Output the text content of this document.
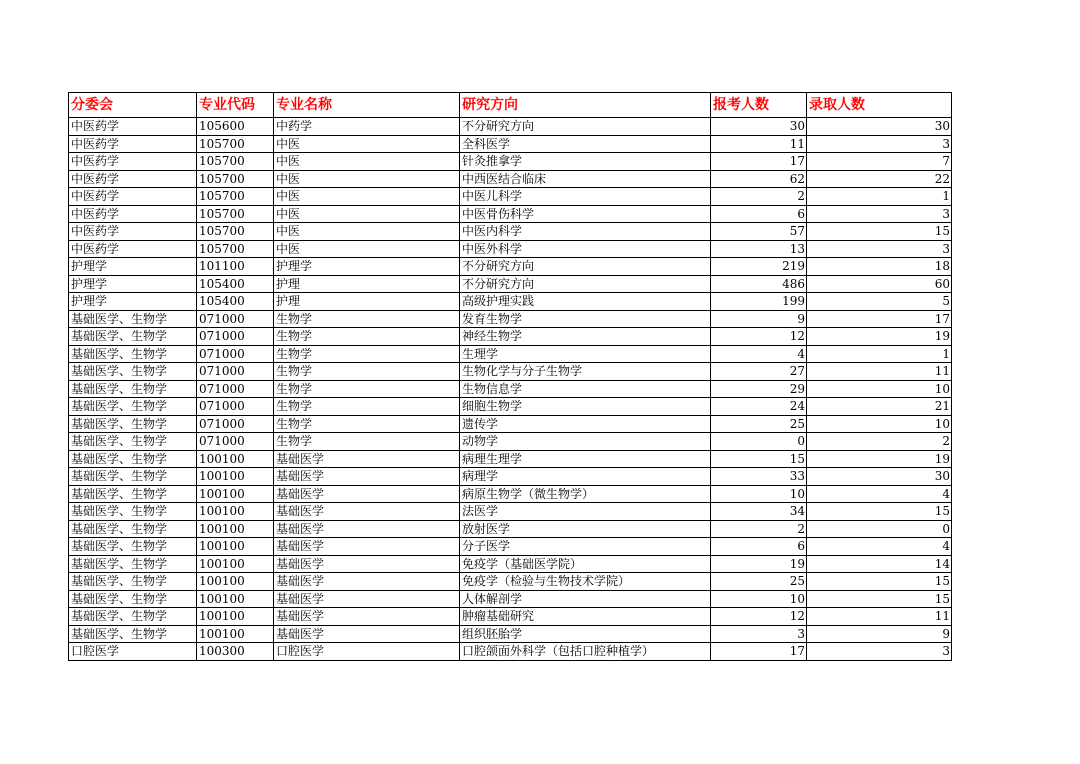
分委会	专业代码	专业名称	研究方向	报考人数	录取人数
中医药学	105600	中药学	不分研究方向	30	30
中医药学	105700	中医	全科医学	11	3
中医药学	105700	中医	针灸推拿学	17	7
中医药学	105700	中医	中西医结合临床	62	22
中医药学	105700	中医	中医儿科学	2	1
中医药学	105700	中医	中医骨伤科学	6	3
中医药学	105700	中医	中医内科学	57	15
中医药学	105700	中医	中医外科学	13	3
护理学	101100	护理学	不分研究方向	219	18
护理学	105400	护理	不分研究方向	486	60
护理学	105400	护理	高级护理实践	199	5
基础医学、生物学	071000	生物学	发育生物学	9	17
基础医学、生物学	071000	生物学	神经生物学	12	19
基础医学、生物学	071000	生物学	生理学	4	1
基础医学、生物学	071000	生物学	生物化学与分子生物学	27	11
基础医学、生物学	071000	生物学	生物信息学	29	10
基础医学、生物学	071000	生物学	细胞生物学	24	21
基础医学、生物学	071000	生物学	遗传学	25	10
基础医学、生物学	071000	生物学	动物学	0	2
基础医学、生物学	100100	基础医学	病理生理学	15	19
基础医学、生物学	100100	基础医学	病理学	33	30
基础医学、生物学	100100	基础医学	病原生物学（微生物学）	10	4
基础医学、生物学	100100	基础医学	法医学	34	15
基础医学、生物学	100100	基础医学	放射医学	2	0
基础医学、生物学	100100	基础医学	分子医学	6	4
基础医学、生物学	100100	基础医学	免疫学（基础医学院）	19	14
基础医学、生物学	100100	基础医学	免疫学（检验与生物技术学院）	25	15
基础医学、生物学	100100	基础医学	人体解剖学	10	15
基础医学、生物学	100100	基础医学	肿瘤基础研究	12	11
基础医学、生物学	100100	基础医学	组织胚胎学	3	9
口腔医学	100300	口腔医学	口腔颌面外科学（包括口腔种植学）	17	3
